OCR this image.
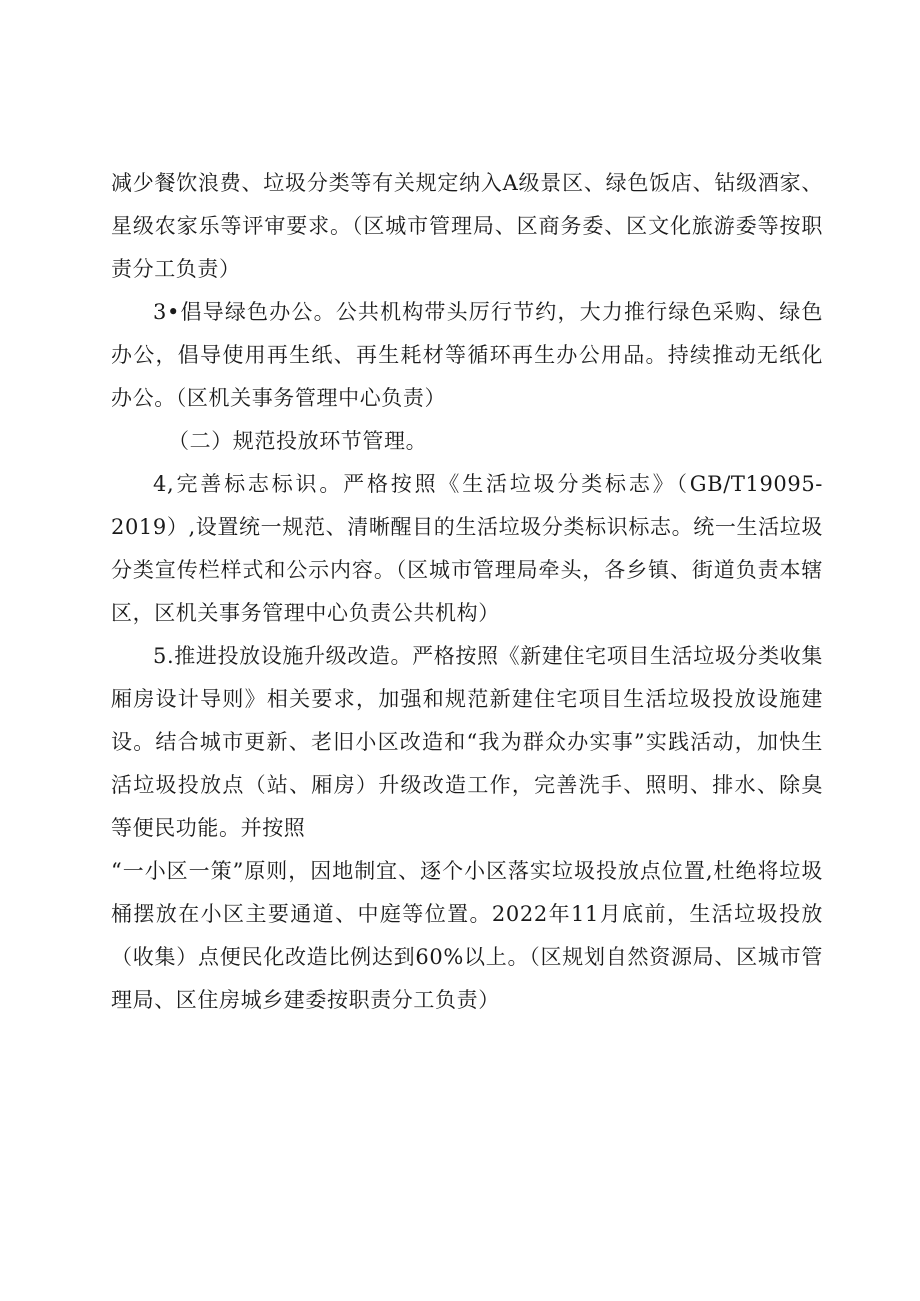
减少餐饮浪费、垃圾分类等有关规定纳入A级景区、绿色饭店、钻级酒家、星级农家乐等评审要求。（区城市管理局、区商务委、区文化旅游委等按职责分工负责）

3•倡导绿色办公。公共机构带头厉行节约，大力推行绿色采购、绿色办公，倡导使用再生纸、再生耗材等循环再生办公用品。持续推动无纸化办公。（区机关事务管理中心负责）

（二）规范投放环节管理。

4,完善标志标识。严格按照《生活垃圾分类标志》（GB/T19095-2019）,设置统一规范、清晰醒目的生活垃圾分类标识标志。统一生活垃圾分类宣传栏样式和公示内容。（区城市管理局牵头，各乡镇、街道负责本辖区，区机关事务管理中心负责公共机构）

5.推进投放设施升级改造。严格按照《新建住宅项目生活垃圾分类收集厢房设计导则》相关要求，加强和规范新建住宅项目生活垃圾投放设施建设。结合城市更新、老旧小区改造和“我为群众办实事”实践活动，加快生活垃圾投放点（站、厢房）升级改造工作，完善洗手、照明、排水、除臭等便民功能。并按照

“一小区一策”原则，因地制宜、逐个小区落实垃圾投放点位置,杜绝将垃圾桶摆放在小区主要通道、中庭等位置。2022年11月底前，生活垃圾投放（收集）点便民化改造比例达到60%以上。（区规划自然资源局、区城市管理局、区住房城乡建委按职责分工负责）
